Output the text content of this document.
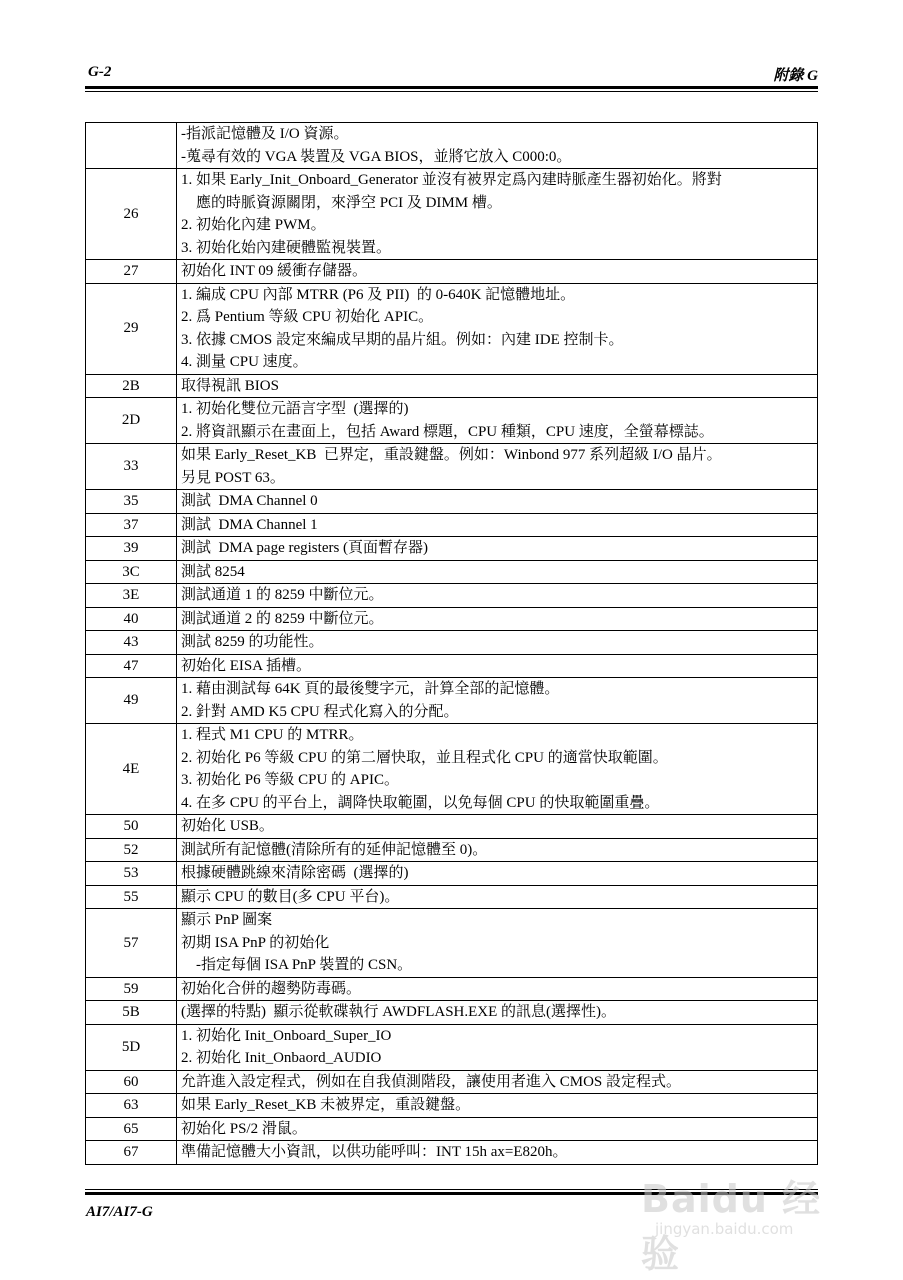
G-2	附錄 G

	-指派記憶體及 I/O 資源。
-蒐尋有效的 VGA 裝置及 VGA BIOS，並將它放入 C000:0。

26	1. 如果 Early_Init_Onboard_Generator 並沒有被界定爲內建時脈產生器初始化。將對
應的時脈資源關閉，來淨空 PCI 及 DIMM 槽。
2. 初始化內建 PWM。
3. 初始化始內建硬體監視裝置。

27	初始化 INT 09 緩衝存儲器。

29	1. 編成 CPU 內部 MTRR (P6 及 PII)  的 0-640K 記憶體地址。
2. 爲 Pentium 等級 CPU 初始化 APIC。
3. 依據 CMOS 設定來編成早期的晶片組。例如：內建 IDE 控制卡。
4. 測量 CPU 速度。

2B	取得視訊 BIOS

2D	1. 初始化雙位元語言字型  (選擇的)
2. 將資訊顯示在畫面上，包括 Award 標題，CPU 種類，CPU 速度，全螢幕標誌。

33	如果 Early_Reset_KB  已界定，重設鍵盤。例如：Winbond 977 系列超級 I/O 晶片。
另見 POST 63。

35	測試  DMA Channel 0

37	測試  DMA Channel 1

39	測試  DMA page registers (頁面暫存器)

3C	測試 8254

3E	測試通道 1 的 8259 中斷位元。

40	測試通道 2 的 8259 中斷位元。

43	測試 8259 的功能性。

47	初始化 EISA 插槽。

49	1. 藉由測試每 64K 頁的最後雙字元，計算全部的記憶體。
2. 針對 AMD K5 CPU 程式化寫入的分配。

4E	1. 程式 M1 CPU 的 MTRR。
2. 初始化 P6 等級 CPU 的第二層快取，並且程式化 CPU 的適當快取範圍。
3. 初始化 P6 等級 CPU 的 APIC。
4. 在多 CPU 的平台上，調降快取範圍，以免每個 CPU 的快取範圍重疊。

50	初始化 USB。

52	測試所有記憶體(清除所有的延伸記憶體至 0)。

53	根據硬體跳線來清除密碼  (選擇的)

55	顯示 CPU 的數目(多 CPU 平台)。

57	顯示 PnP 圖案
初期 ISA PnP 的初始化
-指定每個 ISA PnP 裝置的 CSN。

59	初始化合併的趨勢防毒碼。

5B	(選擇的特點)  顯示從軟碟執行 AWDFLASH.EXE 的訊息(選擇性)。

5D	1. 初始化 Init_Onboard_Super_IO
2. 初始化 Init_Onbaord_AUDIO

60	允許進入設定程式，例如在自我偵測階段，讓使用者進入 CMOS 設定程式。

63	如果 Early_Reset_KB 未被界定，重設鍵盤。

65	初始化 PS/2 滑鼠。

67	準備記憶體大小資訊，以供功能呼叫：INT 15h ax=E820h。
AI7/AI7-G	Baidu 经验
jingyan.baidu.com
